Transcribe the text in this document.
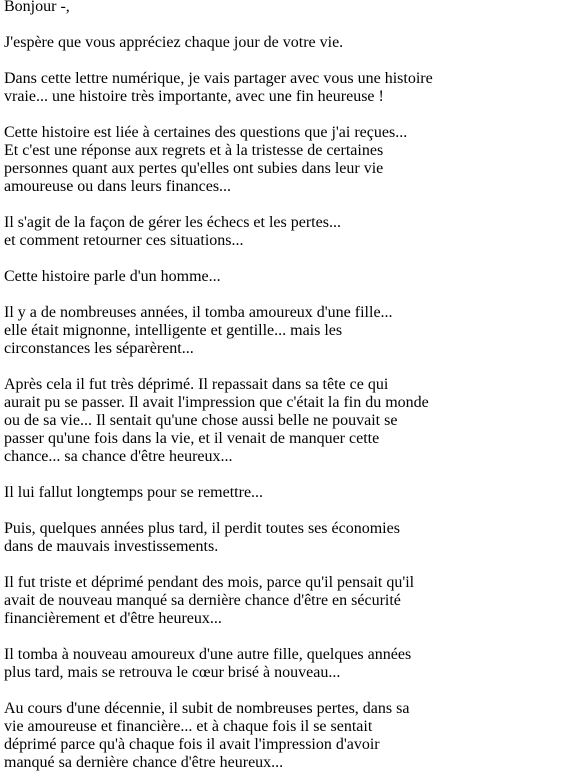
Bonjour -,

J'espère que vous appréciez chaque jour de votre vie.

Dans cette lettre numérique, je vais partager avec vous une histoire
vraie... une histoire très importante, avec une fin heureuse !

Cette histoire est liée à certaines des questions que j'ai reçues...
Et c'est une réponse aux regrets et à la tristesse de certaines
personnes quant aux pertes qu'elles ont subies dans leur vie
amoureuse ou dans leurs finances...

Il s'agit de la façon de gérer les échecs et les pertes...
et comment retourner ces situations...

Cette histoire parle d'un homme...

Il y a de nombreuses années, il tomba amoureux d'une fille...
elle était mignonne, intelligente et gentille... mais les
circonstances les séparèrent...

Après cela il fut très déprimé. Il repassait dans sa tête ce qui
aurait pu se passer. Il avait l'impression que c'était la fin du monde
ou de sa vie... Il sentait qu'une chose aussi belle ne pouvait se
passer qu'une fois dans la vie, et il venait de manquer cette
chance... sa chance d'être heureux...

Il lui fallut longtemps pour se remettre...

Puis, quelques années plus tard, il perdit toutes ses économies
dans de mauvais investissements.

Il fut triste et déprimé pendant des mois, parce qu'il pensait qu'il
avait de nouveau manqué sa dernière chance d'être en sécurité
financièrement et d'être heureux...

Il tomba à nouveau amoureux d'une autre fille, quelques années
plus tard, mais se retrouva le cœur brisé à nouveau...

Au cours d'une décennie, il subit de nombreuses pertes, dans sa
vie amoureuse et financière... et à chaque fois il se sentait
déprimé parce qu'à chaque fois il avait l'impression d'avoir
manqué sa dernière chance d'être heureux...
